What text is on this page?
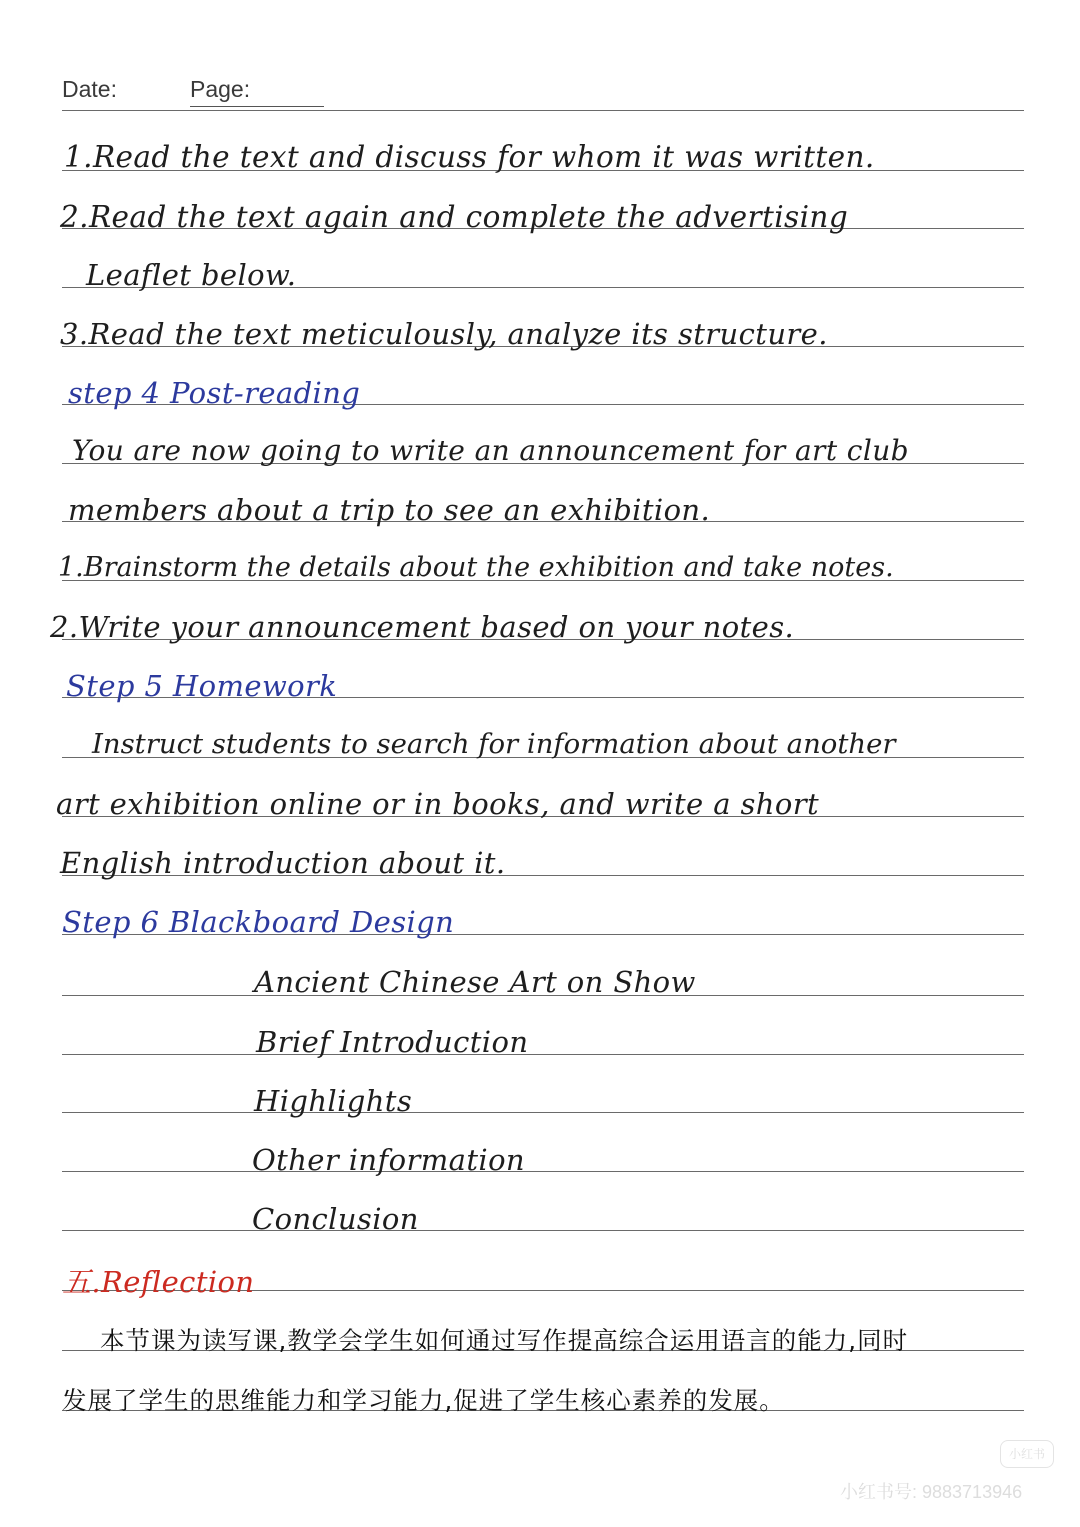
Date:	Page:
1.Read the text and discuss for whom it was written.
2.Read the text again and complete the advertising
Leaflet below.
3.Read the text meticulously, analyze its structure.
step 4 Post-reading
You are now going to write an announcement for art club
members about a trip to see an exhibition.
1.Brainstorm the details about the exhibition and take notes.
2.Write your announcement based on your notes.
Step 5 Homework
Instruct students to search for information about another
art exhibition online or in books, and write a short
English introduction about it.
Step 6 Blackboard Design
Ancient Chinese Art on Show
Brief Introduction
Highlights
Other information
Conclusion
五.Reflection
本节课为读写课,教学会学生如何通过写作提高综合运用语言的能力,同时
发展了学生的思维能力和学习能力,促进了学生核心素养的发展。
小红书
小红书号: 9883713946
